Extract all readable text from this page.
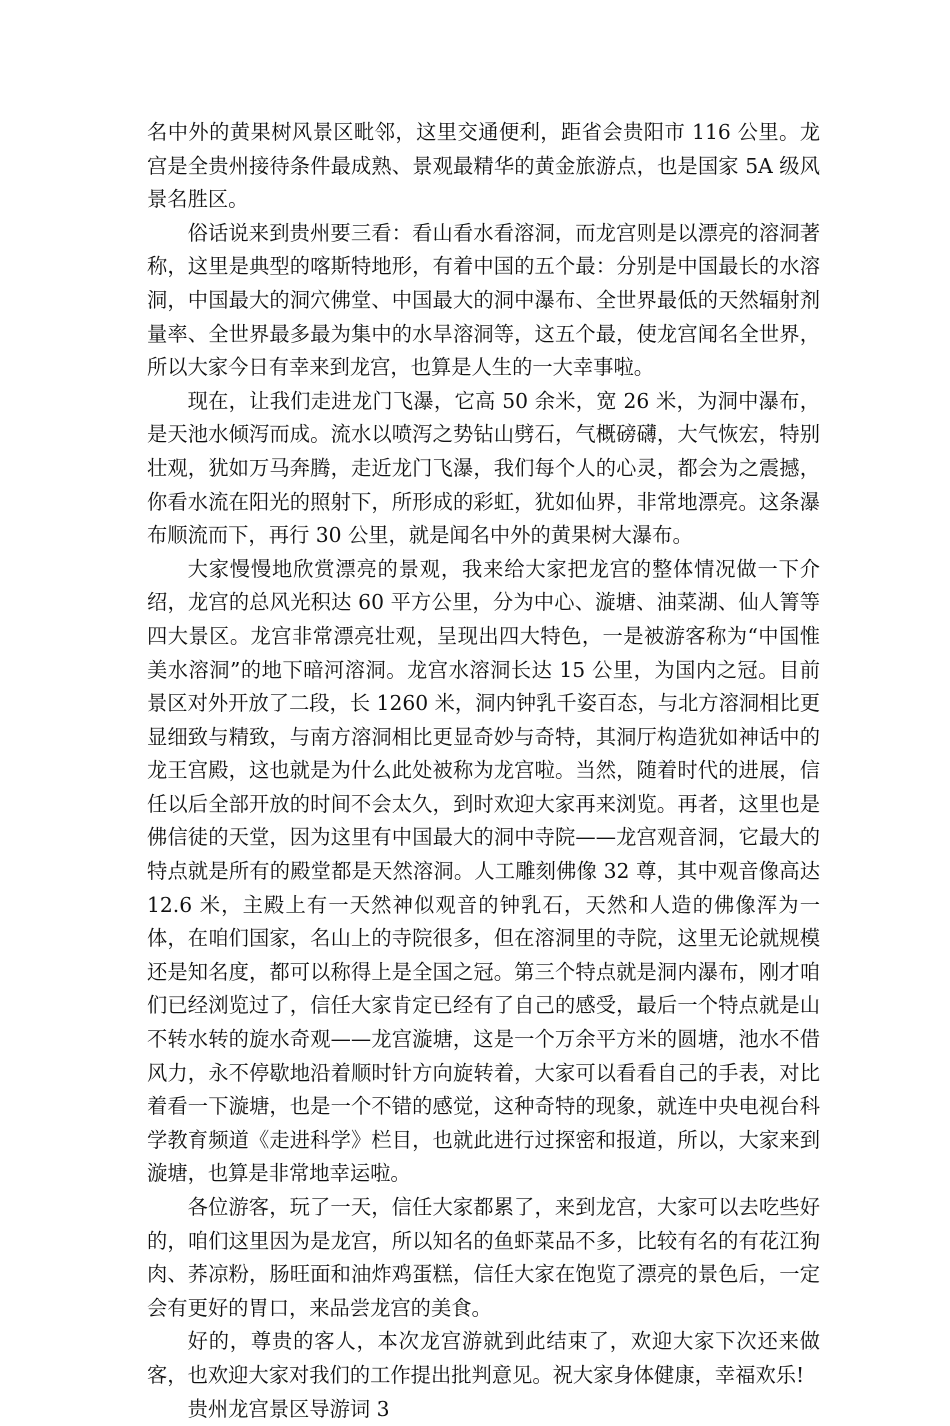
名中外的黄果树风景区毗邻，这里交通便利，距省会贵阳市 116 公里。龙宫是全贵州接待条件最成熟、景观最精华的黄金旅游点，也是国家 5A 级风景名胜区。

俗话说来到贵州要三看：看山看水看溶洞，而龙宫则是以漂亮的溶洞著称，这里是典型的喀斯特地形，有着中国的五个最：分别是中国最长的水溶洞，中国最大的洞穴佛堂、中国最大的洞中瀑布、全世界最低的天然辐射剂量率、全世界最多最为集中的水旱溶洞等，这五个最，使龙宫闻名全世界，所以大家今日有幸来到龙宫，也算是人生的一大幸事啦。

现在，让我们走进龙门飞瀑，它高 50 余米，宽 26 米，为洞中瀑布，是天池水倾泻而成。流水以喷泻之势钻山劈石，气概磅礴，大气恢宏，特别壮观，犹如万马奔腾，走近龙门飞瀑，我们每个人的心灵，都会为之震撼，你看水流在阳光的照射下，所形成的彩虹，犹如仙界，非常地漂亮。这条瀑布顺流而下，再行 30 公里，就是闻名中外的黄果树大瀑布。

大家慢慢地欣赏漂亮的景观，我来给大家把龙宫的整体情况做一下介绍，龙宫的总风光积达 60 平方公里，分为中心、漩塘、油菜湖、仙人箐等四大景区。龙宫非常漂亮壮观，呈现出四大特色，一是被游客称为“中国惟美水溶洞”的地下暗河溶洞。龙宫水溶洞长达 15 公里，为国内之冠。目前景区对外开放了二段，长 1260 米，洞内钟乳千姿百态，与北方溶洞相比更显细致与精致，与南方溶洞相比更显奇妙与奇特，其洞厅构造犹如神话中的龙王宫殿，这也就是为什么此处被称为龙宫啦。当然，随着时代的进展，信任以后全部开放的时间不会太久，到时欢迎大家再来浏览。再者，这里也是佛信徒的天堂，因为这里有中国最大的洞中寺院——龙宫观音洞，它最大的特点就是所有的殿堂都是天然溶洞。人工雕刻佛像 32 尊，其中观音像高达 12.6 米，主殿上有一天然神似观音的钟乳石，天然和人造的佛像浑为一体，在咱们国家，名山上的寺院很多，但在溶洞里的寺院，这里无论就规模还是知名度，都可以称得上是全国之冠。第三个特点就是洞内瀑布，刚才咱们已经浏览过了，信任大家肯定已经有了自己的感受，最后一个特点就是山不转水转的旋水奇观——龙宫漩塘，这是一个万余平方米的圆塘，池水不借风力，永不停歇地沿着顺时针方向旋转着，大家可以看看自己的手表，对比着看一下漩塘，也是一个不错的感觉，这种奇特的现象，就连中央电视台科学教育频道《走进科学》栏目，也就此进行过探密和报道，所以，大家来到漩塘，也算是非常地幸运啦。

各位游客，玩了一天，信任大家都累了，来到龙宫，大家可以去吃些好的，咱们这里因为是龙宫，所以知名的鱼虾菜品不多，比较有名的有花江狗肉、荞凉粉，肠旺面和油炸鸡蛋糕，信任大家在饱览了漂亮的景色后，一定会有更好的胃口，来品尝龙宫的美食。

好的，尊贵的客人，本次龙宫游就到此结束了，欢迎大家下次还来做客，也欢迎大家对我们的工作提出批判意见。祝大家身体健康，幸福欢乐!

贵州龙宫景区导游词 3
